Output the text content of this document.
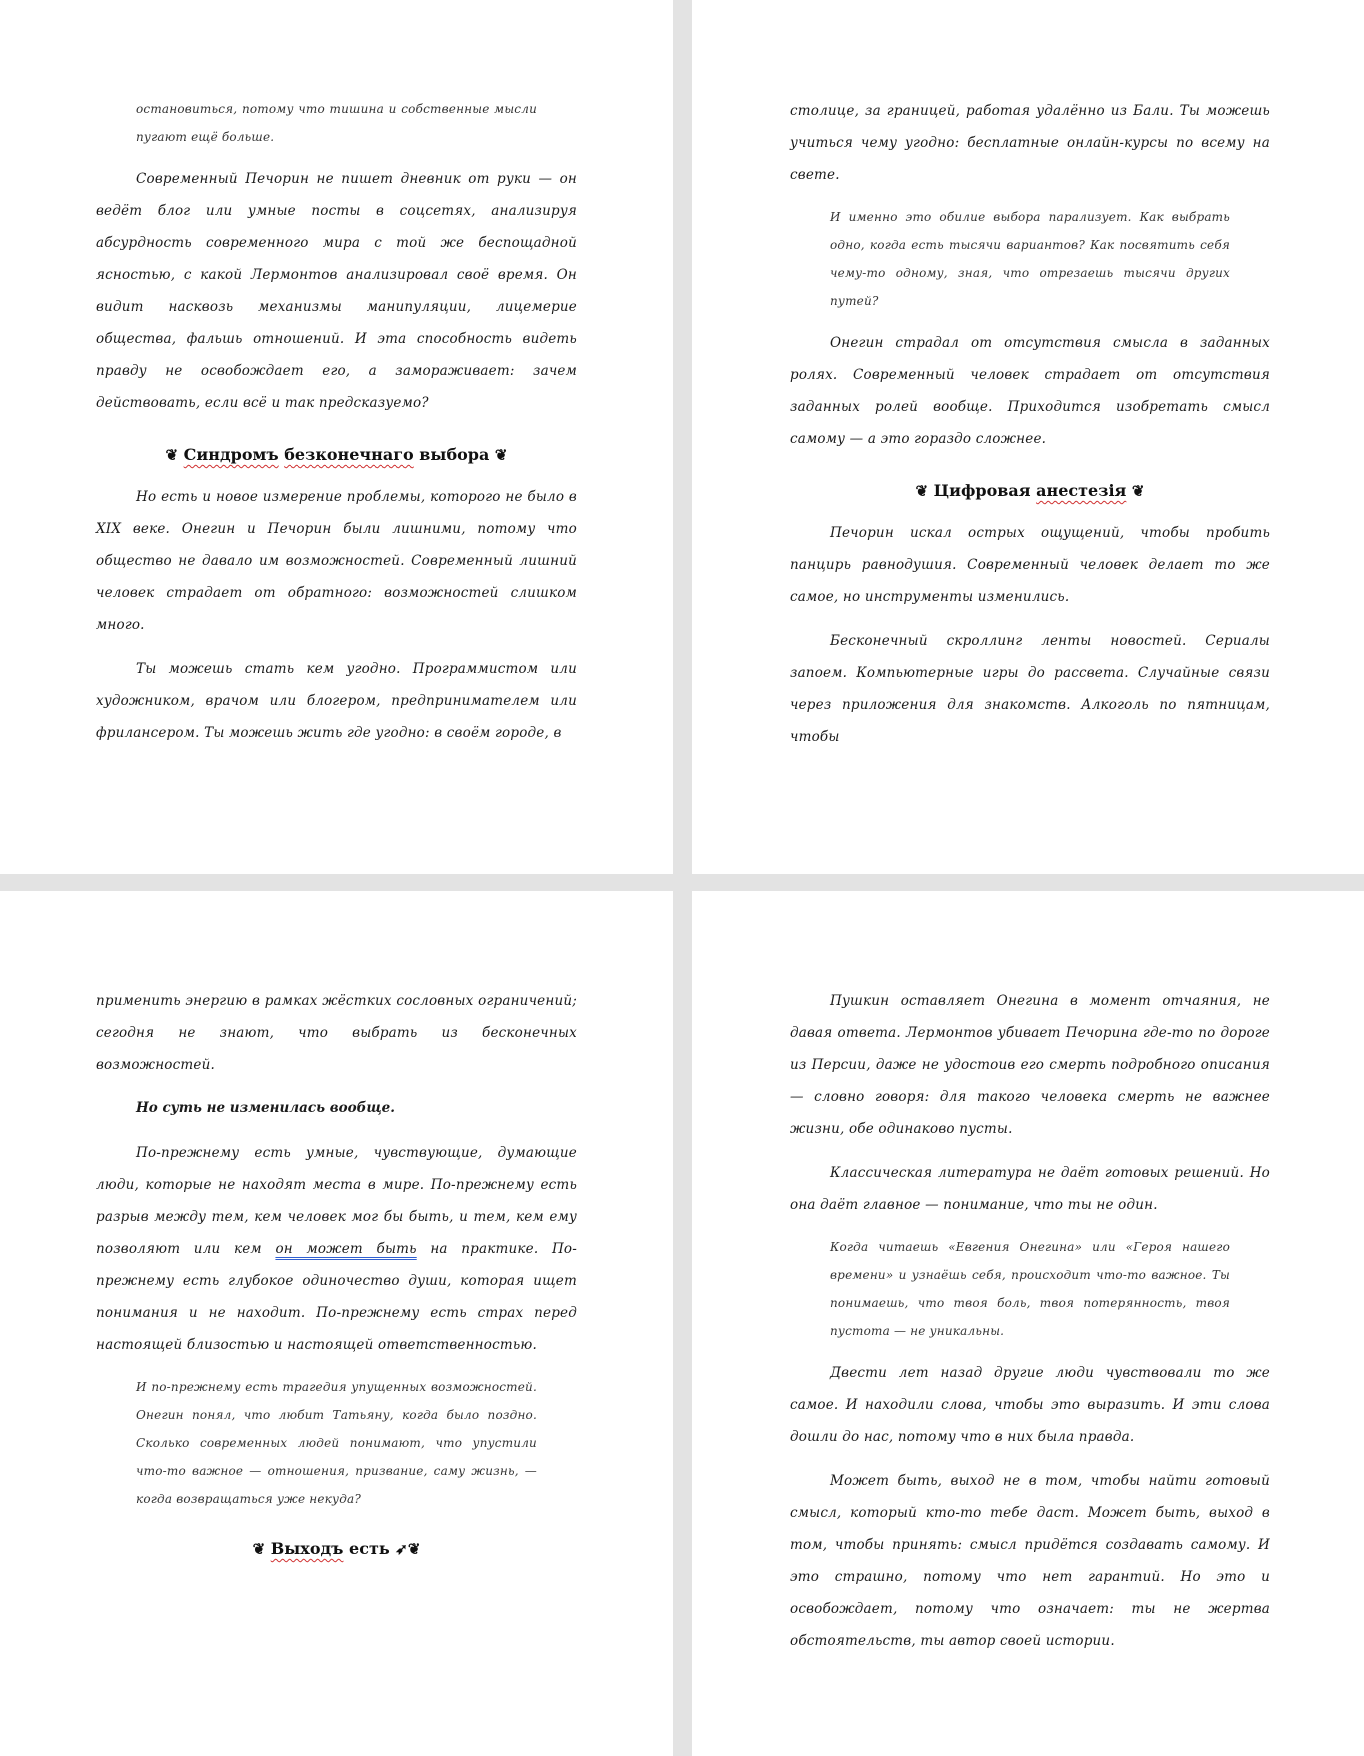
остановиться, потому что тишина и собственные мысли пугают ещё больше.

Современный Печорин не пишет дневник от руки — он ведёт блог или умные посты в соцсетях, анализируя абсурдность современного мира с той же беспощадной ясностью, с какой Лермонтов анализировал своё время. Он видит насквозь механизмы манипуляции, лицемерие общества, фальшь отношений. И эта способность видеть правду не освобождает его, а замораживает: зачем действовать, если всё и так предсказуемо?

❦ Синдромъ безконечнаго выбора ❦

Но есть и новое измерение проблемы, которого не было в XIX веке. Онегин и Печорин были лишними, потому что общество не давало им возможностей. Современный лишний человек страдает от обратного: возможностей слишком много.

Ты можешь стать кем угодно. Программистом или художником, врачом или блогером, предпринимателем или фрилансером. Ты можешь жить где угодно: в своём городе, в

столице, за границей, работая удалённо из Бали. Ты можешь учиться чему угодно: бесплатные онлайн-курсы по всему на свете.

И именно это обилие выбора парализует. Как выбрать одно, когда есть тысячи вариантов? Как посвятить себя чему-то одному, зная, что отрезаешь тысячи других путей?

Онегин страдал от отсутствия смысла в заданных ролях. Современный человек страдает от отсутствия заданных ролей вообще. Приходится изобретать смысл самому — а это гораздо сложнее.

❦ Цифровая анестезія ❦

Печорин искал острых ощущений, чтобы пробить панцирь равнодушия. Современный человек делает то же самое, но инструменты изменились.

Бесконечный скроллинг ленты новостей. Сериалы запоем. Компьютерные игры до рассвета. Случайные связи через приложения для знакомств. Алкоголь по пятницам, чтобы

применить энергию в рамках жёстких сословных ограничений; сегодня не знают, что выбрать из бесконечных возможностей.

Но суть не изменилась вообще.

По-прежнему есть умные, чувствующие, думающие люди, которые не находят места в мире. По-прежнему есть разрыв между тем, кем человек мог бы быть, и тем, кем ему позволяют или кем он может быть на практике. По-прежнему есть глубокое одиночество души, которая ищет понимания и не находит. По-прежнему есть страх перед настоящей близостью и настоящей ответственностью.

И по-прежнему есть трагедия упущенных возможностей. Онегин понял, что любит Татьяну, когда было поздно. Сколько современных людей понимают, что упустили что-то важное — отношения, призвание, саму жизнь, — когда возвращаться уже некуда?

❦ Выходъ есть ➶❦

Пушкин оставляет Онегина в момент отчаяния, не давая ответа. Лермонтов убивает Печорина где-то по дороге из Персии, даже не удостоив его смерть подробного описания — словно говоря: для такого человека смерть не важнее жизни, обе одинаково пусты.

Классическая литература не даёт готовых решений. Но она даёт главное — понимание, что ты не один.

Когда читаешь «Евгения Онегина» или «Героя нашего времени» и узнаёшь себя, происходит что-то важное. Ты понимаешь, что твоя боль, твоя потерянность, твоя пустота — не уникальны.

Двести лет назад другие люди чувствовали то же самое. И находили слова, чтобы это выразить. И эти слова дошли до нас, потому что в них была правда.

Может быть, выход не в том, чтобы найти готовый смысл, который кто-то тебе даст. Может быть, выход в том, чтобы принять: смысл придётся создавать самому. И это страшно, потому что нет гарантий. Но это и освобождает, потому что означает: ты не жертва обстоятельств, ты автор своей истории.
